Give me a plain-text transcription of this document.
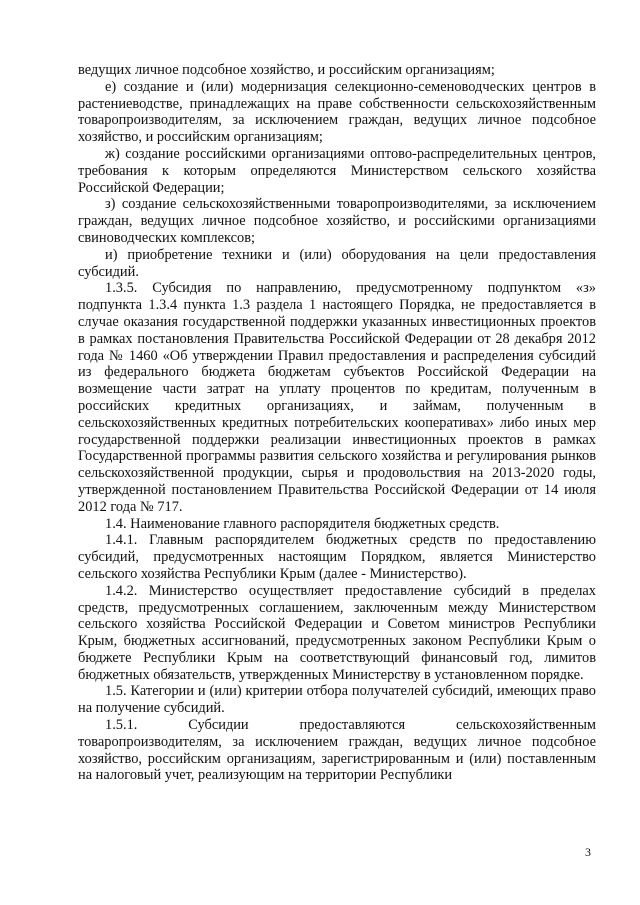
ведущих личное подсобное хозяйство, и российским организациям;

е) создание и (или) модернизация селекционно-семеноводческих центров в растениеводстве, принадлежащих на праве собственности сельскохозяйственным товаропроизводителям, за исключением граждан, ведущих личное подсобное хозяйство, и российским организациям;

ж) создание российскими организациями оптово-распределительных центров, требования к которым определяются Министерством сельского хозяйства Российской Федерации;

з) создание сельскохозяйственными товаропроизводителями, за исключением граждан, ведущих личное подсобное хозяйство, и российскими организациями свиноводческих комплексов;

и) приобретение техники и (или) оборудования на цели предоставления субсидий.

1.3.5. Субсидия по направлению, предусмотренному подпунктом «з» подпункта 1.3.4 пункта 1.3 раздела 1 настоящего Порядка, не предоставляется в случае оказания государственной поддержки указанных инвестиционных проектов в рамках постановления Правительства Российской Федерации от 28 декабря 2012 года № 1460 «Об утверждении Правил предоставления и распределения субсидий из федерального бюджета бюджетам субъектов Российской Федерации на возмещение части затрат на уплату процентов по кредитам, полученным в российских кредитных организациях, и займам, полученным в сельскохозяйственных кредитных потребительских кооперативах» либо иных мер государственной поддержки реализации инвестиционных проектов в рамках Государственной программы развития сельского хозяйства и регулирования рынков сельскохозяйственной продукции, сырья и продовольствия на 2013-2020 годы, утвержденной постановлением Правительства Российской Федерации от 14 июля 2012 года № 717.

1.4. Наименование главного распорядителя бюджетных средств.

1.4.1. Главным распорядителем бюджетных средств по предоставлению субсидий, предусмотренных настоящим Порядком, является Министерство сельского хозяйства Республики Крым (далее - Министерство).

1.4.2. Министерство осуществляет предоставление субсидий в пределах средств, предусмотренных соглашением, заключенным между Министерством сельского хозяйства Российской Федерации и Советом министров Республики Крым, бюджетных ассигнований, предусмотренных законом Республики Крым о бюджете Республики Крым на соответствующий финансовый год, лимитов бюджетных обязательств, утвержденных Министерству в установленном порядке.

1.5. Категории и (или) критерии отбора получателей субсидий, имеющих право на получение субсидий.

1.5.1. Субсидии предоставляются сельскохозяйственным товаропроизводителям, за исключением граждан, ведущих личное подсобное хозяйство, российским организациям, зарегистрированным и (или) поставленным на налоговый учет, реализующим на территории Республики

3
